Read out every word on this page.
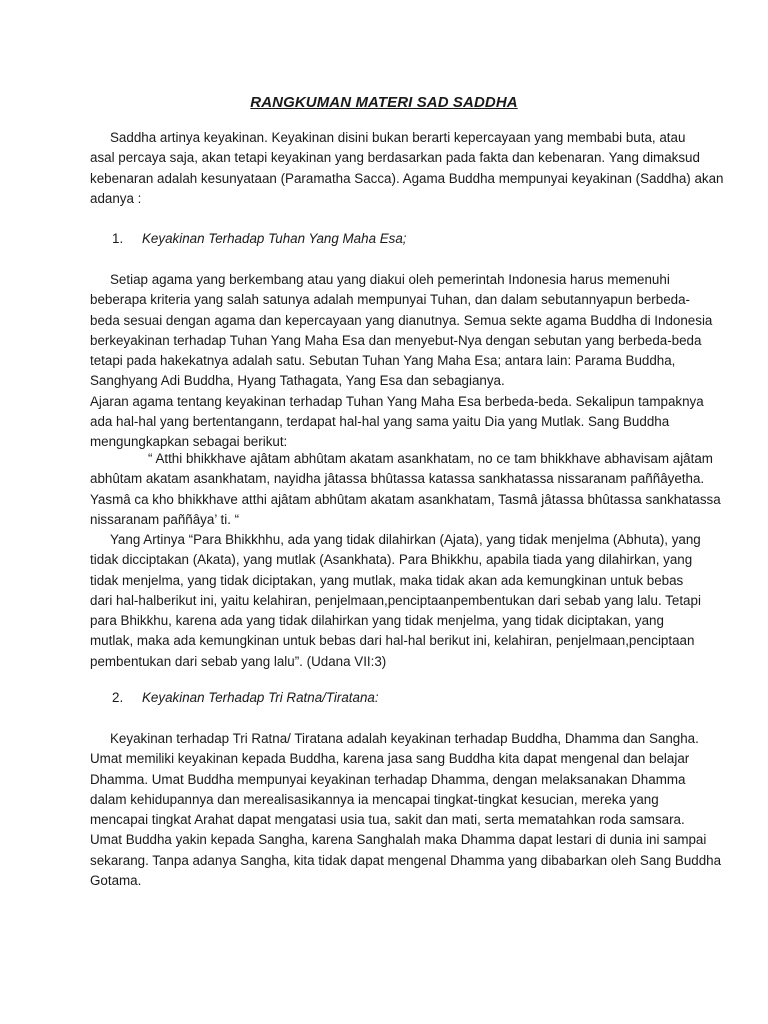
RANGKUMAN MATERI SAD SADDHA
Saddha artinya keyakinan. Keyakinan disini bukan berarti kepercayaan yang membabi buta, atau
asal percaya saja, akan tetapi keyakinan yang berdasarkan pada fakta dan kebenaran. Yang dimaksud
kebenaran adalah kesunyataan (Paramatha Sacca). Agama Buddha mempunyai keyakinan (Saddha) akan
adanya :
1. Keyakinan Terhadap Tuhan Yang Maha Esa;
Setiap agama yang berkembang atau yang diakui oleh pemerintah Indonesia harus memenuhi
beberapa kriteria yang salah satunya adalah mempunyai Tuhan, dan dalam sebutannyapun berbeda-
beda sesuai dengan agama dan kepercayaan yang dianutnya. Semua sekte agama Buddha di Indonesia
berkeyakinan terhadap Tuhan Yang Maha Esa dan menyebut-Nya dengan sebutan yang berbeda-beda
tetapi pada hakekatnya adalah satu. Sebutan Tuhan Yang Maha Esa; antara lain: Parama Buddha,
Sanghyang Adi Buddha, Hyang Tathagata, Yang Esa dan sebagianya.
Ajaran agama tentang keyakinan terhadap Tuhan Yang Maha Esa berbeda-beda. Sekalipun tampaknya
ada hal-hal yang bertentangann, terdapat hal-hal yang sama yaitu Dia yang Mutlak. Sang Buddha
mengungkapkan sebagai berikut:
“ Atthi bhikkhave ajâtam abhûtam akatam asankhatam, no ce tam bhikkhave abhavisam ajâtam
abhûtam akatam asankhatam, nayidha jâtassa bhûtassa katassa sankhatassa nissaranam paññâyetha.
Yasmâ ca kho bhikkhave atthi ajâtam abhûtam akatam asankhatam, Tasmâ jâtassa bhûtassa sankhatassa
nissaranam paññâya’ ti. “
Yang Artinya “Para Bhikkhhu, ada yang tidak dilahirkan (Ajata), yang tidak menjelma (Abhuta), yang
tidak dicciptakan (Akata), yang mutlak (Asankhata). Para Bhikkhu, apabila tiada yang dilahirkan, yang
tidak menjelma, yang tidak diciptakan, yang mutlak, maka tidak akan ada kemungkinan untuk bebas
dari hal-halberikut ini, yaitu kelahiran, penjelmaan,penciptaanpembentukan dari sebab yang lalu. Tetapi
para Bhikkhu, karena ada yang tidak dilahirkan yang tidak menjelma, yang tidak diciptakan, yang
mutlak, maka ada kemungkinan untuk bebas dari hal-hal berikut ini, kelahiran, penjelmaan,penciptaan
pembentukan dari sebab yang lalu”. (Udana VII:3)
2. Keyakinan Terhadap Tri Ratna/Tiratana:
Keyakinan terhadap Tri Ratna/ Tiratana adalah keyakinan terhadap Buddha, Dhamma dan Sangha.
Umat memiliki keyakinan kepada Buddha, karena jasa sang Buddha kita dapat mengenal dan belajar
Dhamma. Umat Buddha mempunyai keyakinan terhadap Dhamma, dengan melaksanakan Dhamma
dalam kehidupannya dan merealisasikannya ia mencapai tingkat-tingkat kesucian, mereka yang
mencapai tingkat Arahat dapat mengatasi usia tua, sakit dan mati, serta mematahkan roda samsara.
Umat Buddha yakin kepada Sangha, karena Sanghalah maka Dhamma dapat lestari di dunia ini sampai
sekarang. Tanpa adanya Sangha, kita tidak dapat mengenal Dhamma yang dibabarkan oleh Sang Buddha
Gotama.
